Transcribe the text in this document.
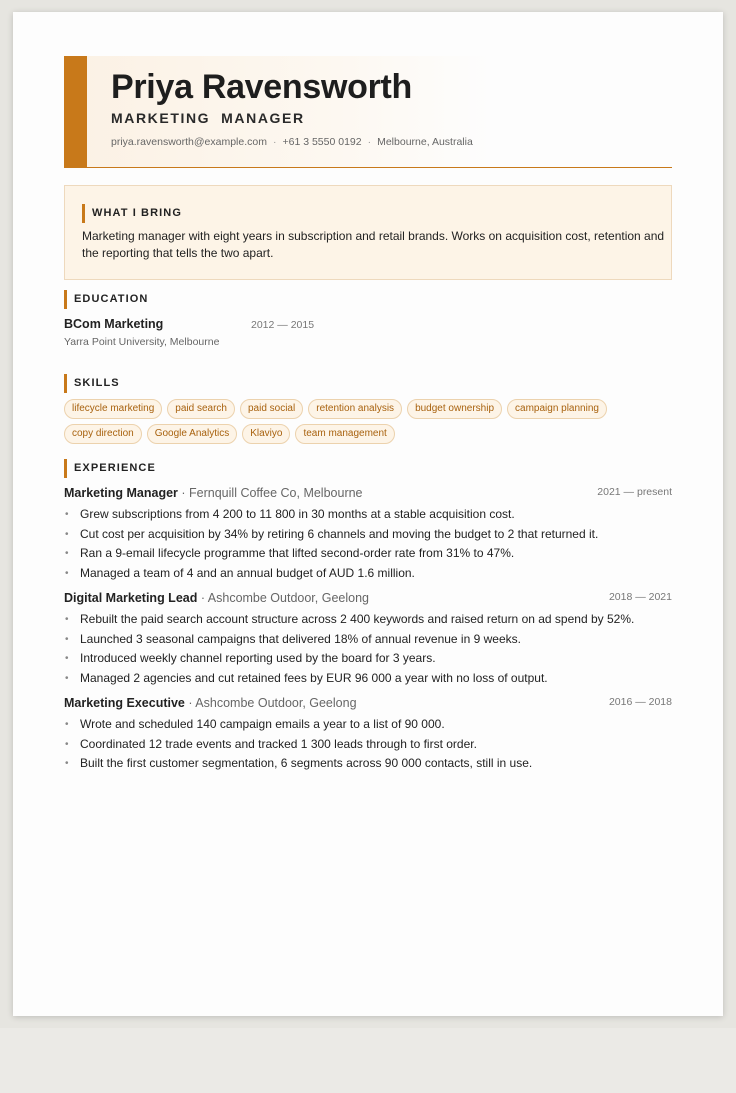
Priya Ravensworth
MARKETING  MANAGER
priya.ravensworth@example.com · +61 3 5550 0192 · Melbourne, Australia
WHAT I BRING
Marketing manager with eight years in subscription and retail brands. Works on acquisition cost, retention and the reporting that tells the two apart.
EDUCATION
BCom Marketing	2012 — 2015
Yarra Point University, Melbourne
SKILLS
lifecycle marketing	paid search	paid social	retention analysis	budget ownership	campaign planning
copy direction	Google Analytics	Klaviyo	team management
EXPERIENCE
Marketing Manager · Fernquill Coffee Co, Melbourne	2021 — present
• Grew subscriptions from 4 200 to 11 800 in 30 months at a stable acquisition cost.
• Cut cost per acquisition by 34% by retiring 6 channels and moving the budget to 2 that returned it.
• Ran a 9-email lifecycle programme that lifted second-order rate from 31% to 47%.
• Managed a team of 4 and an annual budget of AUD 1.6 million.
Digital Marketing Lead · Ashcombe Outdoor, Geelong	2018 — 2021
• Rebuilt the paid search account structure across 2 400 keywords and raised return on ad spend by 52%.
• Launched 3 seasonal campaigns that delivered 18% of annual revenue in 9 weeks.
• Introduced weekly channel reporting used by the board for 3 years.
• Managed 2 agencies and cut retained fees by EUR 96 000 a year with no loss of output.
Marketing Executive · Ashcombe Outdoor, Geelong	2016 — 2018
• Wrote and scheduled 140 campaign emails a year to a list of 90 000.
• Coordinated 12 trade events and tracked 1 300 leads through to first order.
• Built the first customer segmentation, 6 segments across 90 000 contacts, still in use.
